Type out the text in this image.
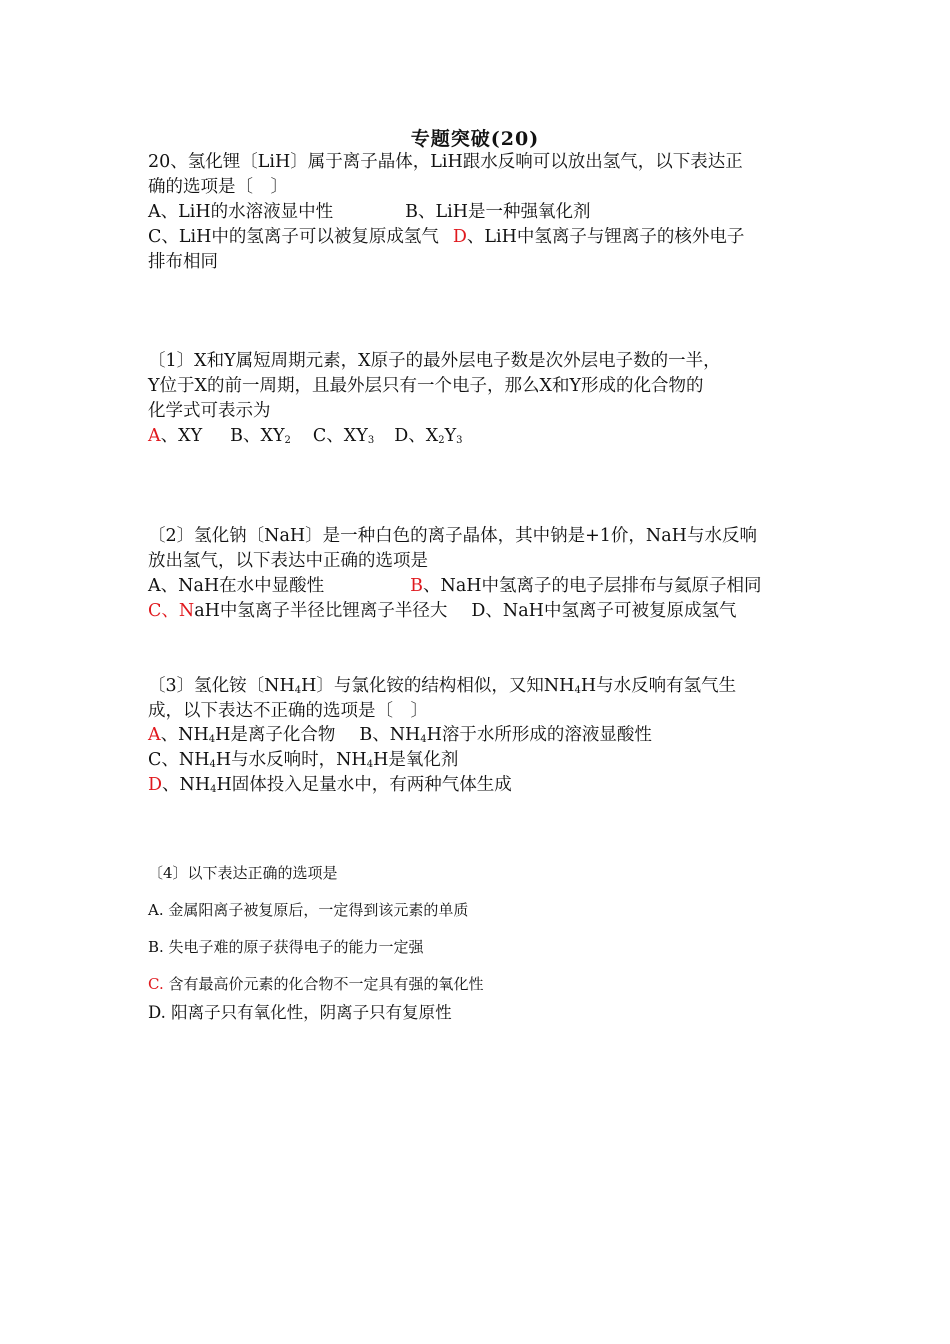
专题突破(20)
20、氢化锂〔LiH〕属于离子晶体，LiH跟水反响可以放出氢气，以下表达正
确的选项是〔　〕
A、LiH的水溶液显中性	B、LiH是一种强氧化剂
C、LiH中的氢离子可以被复原成氢气 D、LiH中氢离子与锂离子的核外电子
排布相同
〔1〕X和Y属短周期元素，X原子的最外层电子数是次外层电子数的一半，
Y位于X的前一周期，且最外层只有一个电子，那么X和Y形成的化合物的
化学式可表示为
A、XY B、$XY_2$ C、$XY_3$ D、$X_2Y_3$
〔2〕氢化钠〔NaH〕是一种白色的离子晶体，其中钠是+1价，NaH与水反响
放出氢气，以下表达中正确的选项是
A、NaH在水中显酸性	B、NaH中氢离子的电子层排布与氦原子相同
C、NaH中氢离子半径比锂离子半径大 D、NaH中氢离子可被复原成氢气
〔3〕氢化铵〔$NH_4H$〕与氯化铵的结构相似，又知$NH_4H$与水反响有氢气生
成，以下表达不正确的选项是〔　〕
A、$NH_4H$是离子化合物 B、$NH_4H$溶于水所形成的溶液显酸性
C、$NH_4H$与水反响时，$NH_4H$是氧化剂
D、$NH_4H$固体投入足量水中，有两种气体生成
〔4〕以下表达正确的选项是
A. 金属阳离子被复原后，一定得到该元素的单质
B. 失电子难的原子获得电子的能力一定强
C. 含有最高价元素的化合物不一定具有强的氧化性
D. 阳离子只有氧化性，阴离子只有复原性
